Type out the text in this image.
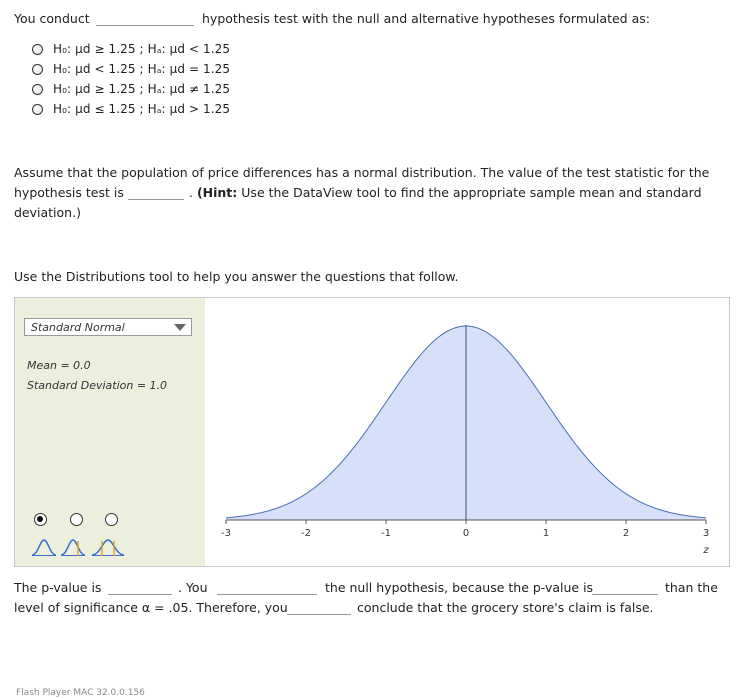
You conduct	hypothesis test with the null and alternative hypotheses formulated as:
H₀: μd ≥ 1.25 ; Hₐ: μd < 1.25
H₀: μd < 1.25 ; Hₐ: μd = 1.25
H₀: μd ≥ 1.25 ; Hₐ: μd ≠ 1.25
H₀: μd ≤ 1.25 ; Hₐ: μd > 1.25
Assume that the population of price differences has a normal distribution. The value of the test statistic for the
hypothesis test is	. (Hint: Use the DataView tool to find the appropriate sample mean and standard
deviation.)
Use the Distributions tool to help you answer the questions that follow.
Standard Normal
Mean = 0.0
Standard Deviation = 1.0
-3	-2	-1	0	1	2	3
z
The p-value is	. You	the null hypothesis, because the p-value is	than the
level of significance α = .05. Therefore, you	conclude that the grocery store's claim is false.
Flash Player MAC 32.0.0.156
